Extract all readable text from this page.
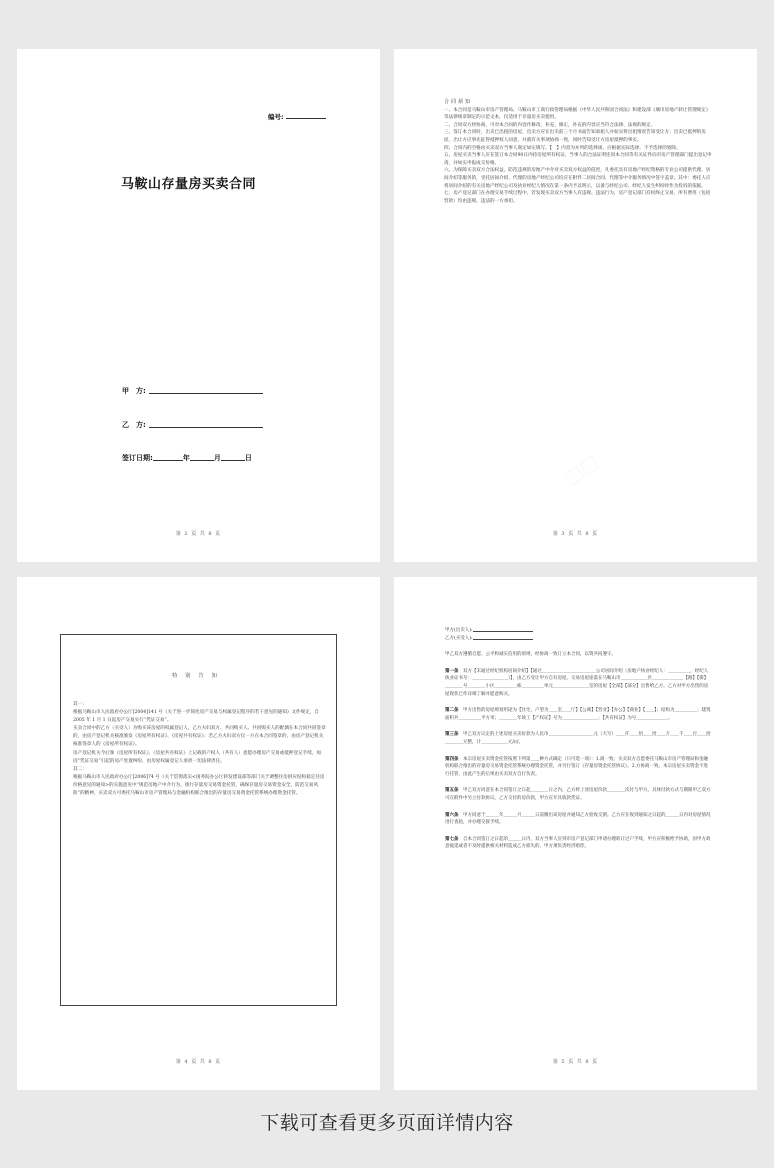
编号:
马鞍山存量房买卖合同
甲　方:
乙　方:
签订日期:	年	月	日
第 2 页 共 8 页

合同须知

一、本合同是马鞍山市房产管理局、马鞍山市工商行政管理局根据《中华人民共和国合同法》和建设部《城市房地产转让管理规定》等法律规章制定的示范文本，仅适用于存量房买卖使用。

二、合同双方经协商，可对本合同的内容作修改、补充、修正，补充的内容应当符合法律、法规的规定。

三、签订本合同时，出卖已出租的房屋，出卖方应在出卖前三个月书面告知承租人并如实将出租情况告知受让方；出卖已抵押的房屋，出让方应事先征得抵押权人同意，并就有关事项协商一致，同时告知受让方房屋抵押的事实。

四、合同内的空格由买卖双方当事人商定如实填写。【　】内容为并列的选择项，应根据实际选择，不予选择的划除。

五、房屋买卖当事人应在签订本合同90日内持房屋所有权证、当事人的合法证明连同本合同等有关证件向市房产管理部门提出登记申请，并如实申报成交价格。

六、为保障买卖双方合法权益，防范违规的房地产中介对买卖双方权益的侵害，凡委托具有房地产经纪资格的专业公司提供代理、居间介绍等服务的，受托居间介绍、代理的房地产经纪公司均应在附件二居间合同、代理等中介服务情况中签字盖章。其中：委托人应将居间介绍的有关房地产经纪公司及执业经纪人情况在第一条内予以明示，以备与经纪公司、经纪人发生纠纷时作为投诉的依据。

七、房产登记部门在办理交易手续过程中，若发现买卖双方当事人有违规、违法行为，房产登记部门有权终止交易，所有费用（包括营款）均由违规、违法的一方承担。

第 3 页 共 8 页
特别告知

其一：

根据马鞍山市人民政府办公厅[2004]141 号《关于进一步简化房产交易与权属登记程序的若干意见的通知》文件规定，自 2005 年 1 月 1 日起房产交易实行“凭证交易”。

买卖合同中的乙方（买受人）为购买该房屋的权属登记人，乙方夫妇双方、共同购买人、共同购买人的配偶在本合同共同签章的，由房产登记机关核准颁发《房屋所有权证》、《房屋共有权证》；若乙方夫妇双方仅一方在本合同签章的，由房产登记机关核准签章人的《房屋所有权证》。

房产登记机关今后颁《房屋所有权证》、《房屋共有权证》上记载的产权人（共有人）意愿办理房产交易或抵押登记手续，如因“凭证交易”引起的房产处置纠纷，由房屋权属登记人承担一切法律责任。

其二：

根据马鞍山市人民政府办公厅[2006]74 号《关于贯彻落实<国务院办公厅转发建设部等部门关于调整住房供应结构稳定住房价格意见的通知>的实施意见中“规范房地产中介行为，推行存量房交易资金托管，确保存量房交易资金安全，防范交易风险”的精神，买卖双方可委托马鞍山市房产管理局与金融机构联合推出的存量房交易资金托管系统办理资金托管。

第 4 页 共 8 页

甲方(出卖人):

乙方(买受人):

甲乙双方遵循自愿、公平和诚实信用的原则，经协商一致订立本合同，以资共同遵守。

第一条　 双方【未通过经纪机构居间介绍】【通过＿＿＿＿＿＿＿＿＿＿＿＿公司居间介绍（房地产执业经纪人：＿＿＿＿＿，经纪人执业证书号：＿＿＿＿＿＿＿＿）】，由乙方受让甲方自有房屋。交易房屋座落在马鞍山市＿＿＿＿＿＿区＿＿＿＿＿＿＿【路】【街】＿＿＿＿号＿＿＿＿小区＿＿＿＿＿栋＿＿＿＿＿单元＿＿＿＿＿＿＿＿室的房屋【全部】【部分】出售给乙方，乙方对甲方出售的房屋现状已作详细了解并愿意购买。

第二条　 甲方出售的房屋规划用途为【住宅，户型为＿＿室＿＿厅】【公寓】【营业】【办公】【商业】【＿＿】；结构为＿＿＿＿＿；建筑面积共＿＿＿＿＿平方米；＿＿＿＿年竣工【产权证】号为＿＿＿＿＿＿＿＿；【共有权证】为号＿＿＿＿＿＿＿。

第三条　 甲乙双方议定的上述房屋买卖价款为人民币＿＿＿＿＿＿＿＿＿＿元（大写）＿＿仟＿＿佰＿＿拾＿＿万＿＿千＿＿百＿＿拾＿＿＿＿元整，计＿＿＿＿＿＿元/㎡。

第四条　 本宗房屋买卖资金托管按照下列第＿＿种方式确定（只可选一项）：1.商一致；买卖双方自愿委托马鞍山市房产管理局和金融机构联合推出的存量房交易资金托管系统办理资金托管，并另行签订《存量房资金托管协议》。2.方协商一致，本宗房屋买卖资金不进行托管，由此产生的后果由买卖双方自行负责。

第五条　 甲乙双方同意在本合同签订之日起＿＿＿＿日之内，乙方将上述房屋价款＿＿＿＿次付与甲方。具体付款方式与期限甲乙双方可在附件中另立付款协议。乙方交付的房价款，甲方应开具收款凭证。

第六条　 甲方同意于＿＿＿年＿＿＿月＿＿＿日前腾出该房屋并通知乙方验收交割。乙方应在收到通知之日起的＿＿＿日内对房屋情况进行查验，并办理交接手续。

第七条　 自本合同签订之日起的＿＿＿日内，双方当事人应到市房产登记部门申请办理转让过户手续，甲方应积极给予协助，因甲方故意拖延或者不及时提供相关材料造成乙方损失的，甲方须负责经济赔偿。

第 5 页 共 8 页
下载可查看更多页面详情内容
